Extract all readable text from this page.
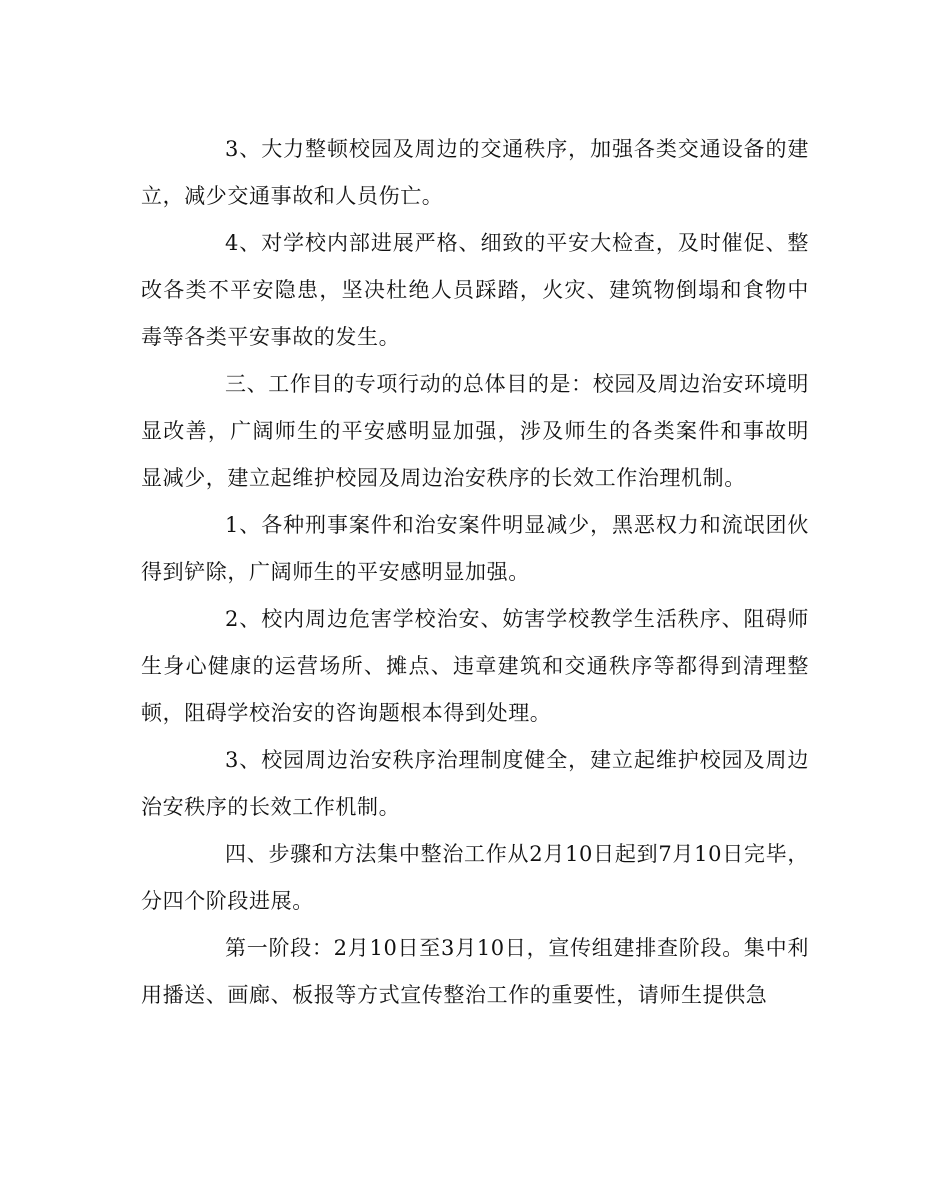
3、大力整顿校园及周边的交通秩序，加强各类交通设备的建立，减少交通事故和人员伤亡。

4、对学校内部进展严格、细致的平安大检查，及时催促、整改各类不平安隐患，坚决杜绝人员踩踏，火灾、建筑物倒塌和食物中毒等各类平安事故的发生。

三、工作目的专项行动的总体目的是：校园及周边治安环境明显改善，广阔师生的平安感明显加强，涉及师生的各类案件和事故明显减少，建立起维护校园及周边治安秩序的长效工作治理机制。

1、各种刑事案件和治安案件明显减少，黑恶权力和流氓团伙得到铲除，广阔师生的平安感明显加强。

2、校内周边危害学校治安、妨害学校教学生活秩序、阻碍师生身心健康的运营场所、摊点、违章建筑和交通秩序等都得到清理整顿，阻碍学校治安的咨询题根本得到处理。

3、校园周边治安秩序治理制度健全，建立起维护校园及周边治安秩序的长效工作机制。

四、步骤和方法集中整治工作从2月10日起到7月10日完毕，分四个阶段进展。

第一阶段：2月10日至3月10日，宣传组建排查阶段。集中利用播送、画廊、板报等方式宣传整治工作的重要性，请师生提供急
